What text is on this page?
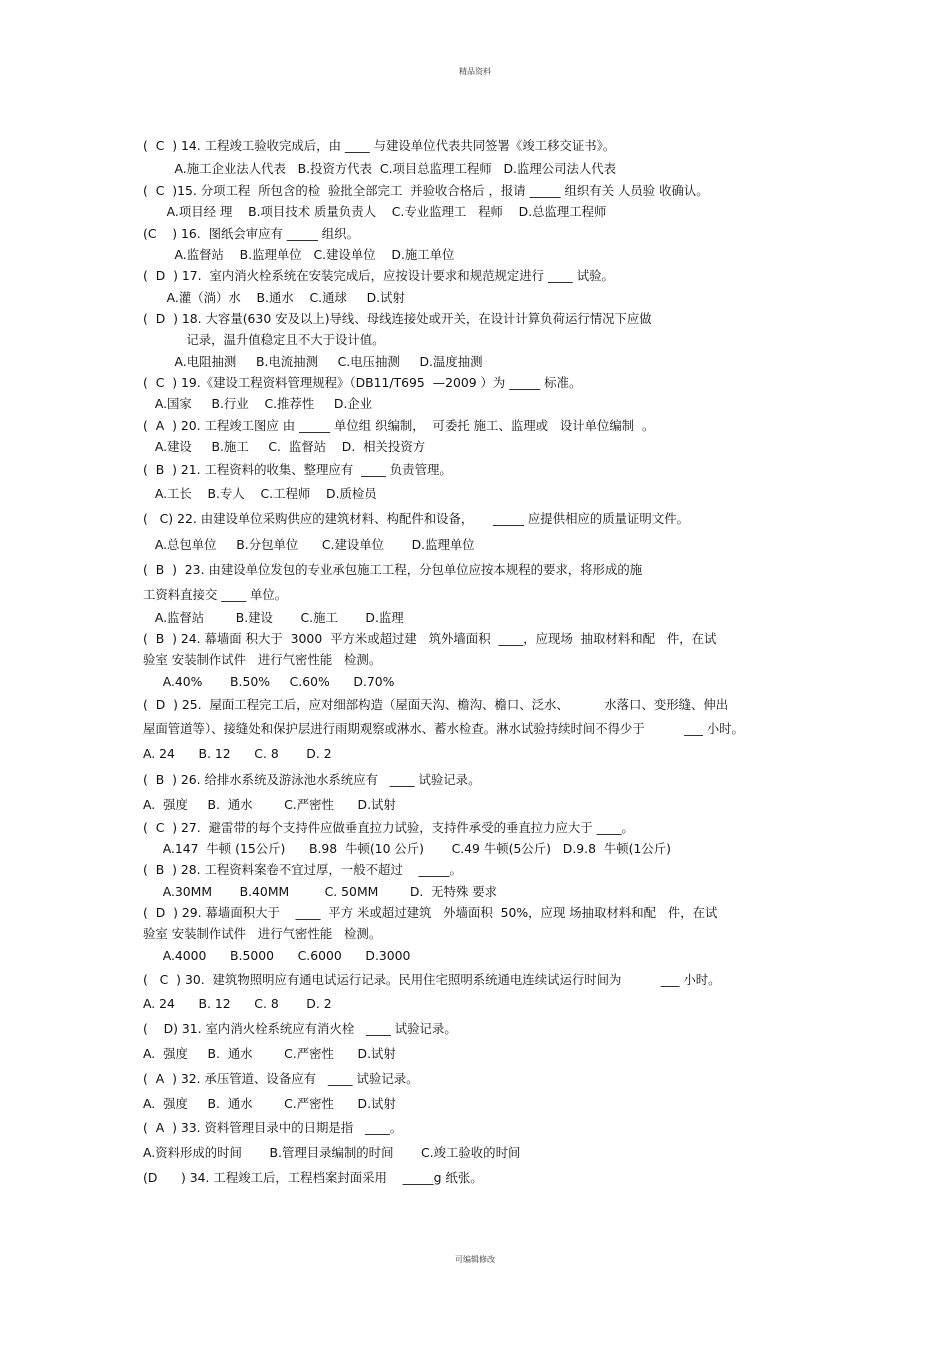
精品资料
(  C  ) 14. 工程竣工验收完成后，由 ____ 与建设单位代表共同签署《竣工移交证书》。
A.施工企业法人代表   B.投资方代表  C.项目总监理工程师   D.监理公司法人代表
(  C  )15. 分项工程  所包含的检  验批全部完工  并验收合格后 ，报请 _____ 组织有关 人员验 收确认。
A.项目经 理    B.项目技术 质量负责人    C.专业监理工   程师    D.总监理工程师
(C    ) 16.  图纸会审应有 _____ 组织。
A.监督站    B.监理单位   C.建设单位    D.施工单位
(  D  ) 17.  室内消火栓系统在安装完成后，应按设计要求和规范规定进行 ____ 试验。
A.灌（淌）水    B.通水    C.通球     D.试射
(  D  ) 18. 大容量(630 安及以上)导线、母线连接处或开关，在设计计算负荷运行情况下应做
记录，温升值稳定且不大于设计值。
A.电阻抽测     B.电流抽测     C.电压抽测     D.温度抽测
(  C  ) 19.《建设工程资料管理规程》（DB11/T695  —2009 ）为 _____ 标准。
A.国家     B.行业    C.推荐性     D.企业
(  A  ) 20. 工程竣工图应 由 _____ 单位组 织编制，  可委托 施工、监理或   设计单位编制  。
A.建设     B.施工     C.  监督站    D.  相关投资方
(  B  ) 21. 工程资料的收集、整理应有  ____ 负责管理。
A.工长    B.专人    C.工程师    D.质检员
(   C) 22. 由建设单位采购供应的建筑材料、构配件和设备，     _____ 应提供相应的质量证明文件。
A.总包单位     B.分包单位      C.建设单位       D.监理单位
(  B  )  23. 由建设单位发包的专业承包施工工程，分包单位应按本规程的要求，将形成的施
工资料直接交 ____ 单位。
A.监督站        B.建设       C.施工       D.监理
(  B  ) 24. 幕墙面 积大于  3000  平方米或超过建   筑外墙面积  ____，应现场  抽取材料和配   件，在试
验室 安装制作试件   进行气密性能   检测。
A.40%       B.50%     C.60%      D.70%
(  D  ) 25.  屋面工程完工后，应对细部构造（屋面天沟、檐沟、檐口、泛水、         水落口、变形缝、伸出
屋面管道等）、接缝处和保护层进行雨期观察或淋水、蓄水检查。淋水试验持续时间不得少于          ___ 小时。
A. 24      B. 12      C. 8       D. 2
(  B  ) 26. 给排水系统及游泳池水系统应有   ____ 试验记录。
A.  强度     B.  通水        C.严密性      D.试射
(  C  ) 27.  避雷带的每个支持件应做垂直拉力试验，支持件承受的垂直拉力应大于 ____。
A.147  牛顿 (15公斤)      B.98  牛顿(10 公斤)       C.49 牛顿(5公斤)   D.9.8  牛顿(1公斤)
(  B  ) 28. 工程资料案卷不宜过厚，一般不超过    _____。
A.30MM       B.40MM         C. 50MM        D.  无特殊 要求
(  D  ) 29. 幕墙面积大于    ____  平方 米或超过建筑   外墙面积  50%，应现 场抽取材料和配   件，在试
验室 安装制作试件   进行气密性能   检测。
A.4000      B.5000      C.6000      D.3000
(   C  ) 30.  建筑物照明应有通电试运行记录。民用住宅照明系统通电连续试运行时间为          ___ 小时。
A. 24      B. 12      C. 8       D. 2
(    D) 31. 室内消火栓系统应有消火栓   ____ 试验记录。
A.  强度     B.  通水        C.严密性      D.试射
(  A  ) 32. 承压管道、设备应有   ____ 试验记录。
A.  强度     B.  通水        C.严密性      D.试射
(  A  ) 33. 资料管理目录中的日期是指   ____。
A.资料形成的时间       B.管理目录编制的时间       C.竣工验收的时间
(D      ) 34. 工程竣工后，工程档案封面采用    _____g 纸张。
可编辑修改
